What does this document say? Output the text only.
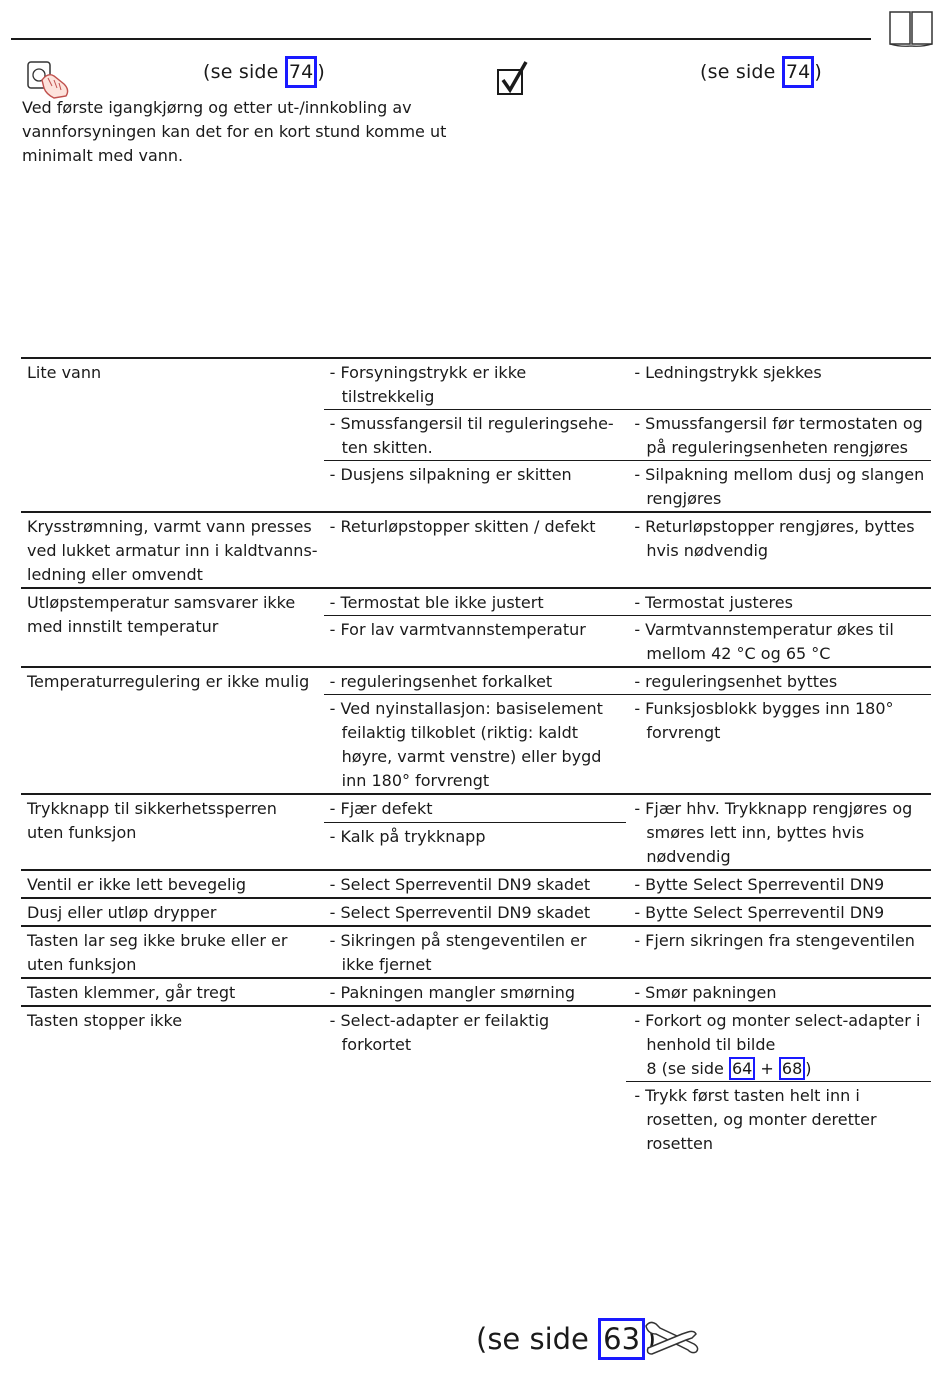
(se side 74 )	(se side 74 )
Ved første igangkjørng og etter ut-/innkobling av vannforsyningen kan det for en kort stund komme ut minimalt med vann.
Lite vann	- Forsyningstrykk er ikke tilstrekkelig	- Ledningstrykk sjekkes

	- Smussfangersil til reguleringsehe-ten skitten.	- Smussfangersil før termostaten og på reguleringsenheten rengjøres

	- Dusjens silpakning er skitten	- Silpakning mellom dusj og slangen rengjøres

Krysstrømning, varmt vann presses ved lukket armatur inn i kaldtvanns-ledning eller omvendt	- Returløpstopper skitten / defekt	- Returløpstopper rengjøres, byttes hvis nødvendig

Utløpstemperatur samsvarer ikke med innstilt temperatur	- Termostat ble ikke justert	- Termostat justeres

	- For lav varmtvannstemperatur	- Varmtvannstemperatur økes til mellom 42 °C og 65 °C

Temperaturregulering er ikke mulig	- reguleringsenhet forkalket	- reguleringsenhet byttes

	- Ved nyinstallasjon: basiselement feilaktig tilkoblet (riktig: kaldt høyre, varmt venstre) eller bygd inn 180° forvrengt	- Funksjosblokk bygges inn 180° forvrengt

Trykknapp til sikkerhetssperren uten funksjon	- Fjær defekt	- Fjær hhv. Trykknapp rengjøres og smøres lett inn, byttes hvis nødvendig

	- Kalk på trykknapp	

Ventil er ikke lett bevegelig	- Select Sperreventil DN9 skadet	- Bytte Select Sperreventil DN9

Dusj eller utløp drypper	- Select Sperreventil DN9 skadet	- Bytte Select Sperreventil DN9

Tasten lar seg ikke bruke eller er uten funksjon	- Sikringen på stengeventilen er ikke fjernet	- Fjern sikringen fra stengeventilen

Tasten klemmer, går tregt	- Pakningen mangler smørning	- Smør pakningen

Tasten stopper ikke	- Select-adapter er feilaktig forkortet	- Forkort og monter select-adapter i henhold til bilde
8 (se side 64 + 68 )

		- Trykk først tasten helt inn i rosetten, og monter deretter rosetten
(se side 63 )
